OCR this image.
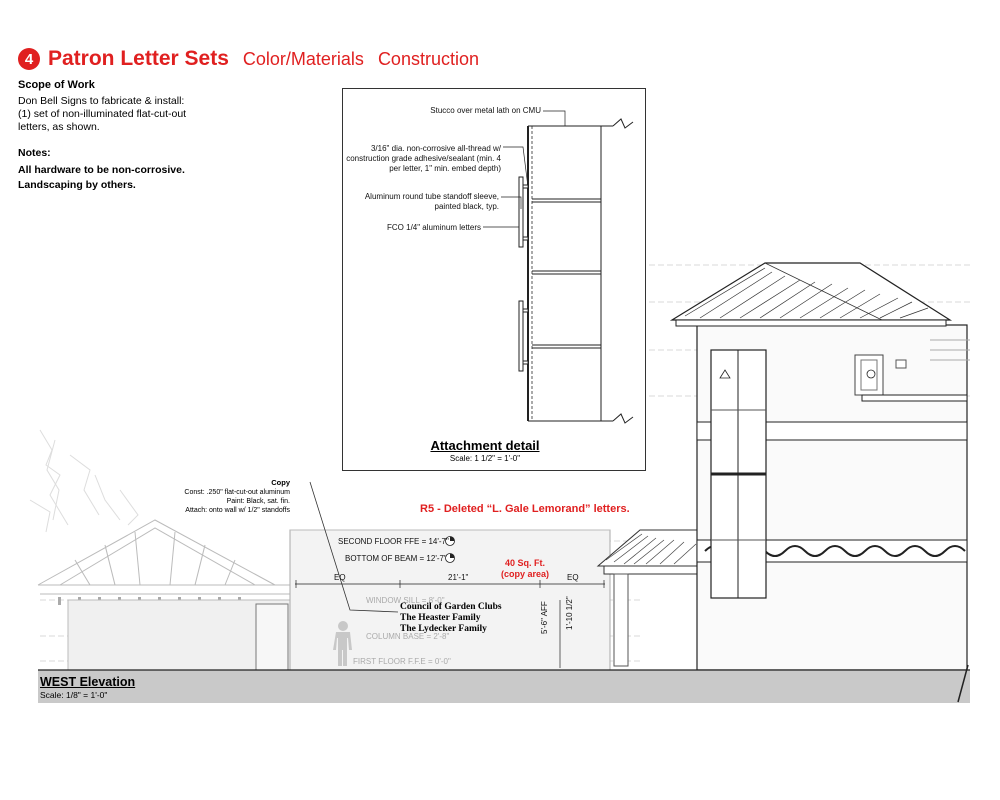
4 Patron Letter Sets Color/Materials Construction
Scope of Work
Don Bell Signs to fabricate & install: (1) set of non-illuminated flat-cut-out letters, as shown.
Notes:
All hardware to be non-corrosive.
Landscaping by others.
SECOND FLOOR FFE = 14'-7"
BOTTOM OF BEAM = 12'-7"
WINDOW SILL = 8'-0"
COLUMN BASE = 2'-8"
FIRST FLOOR F.F.E = 0'-0"
EQ	21'-1"	EQ
5'-6" AFF 1'-10 1/2"
Council of Garden Clubs
The Heaster Family
The Lydecker Family
Copy
Const: .250" flat-cut-out aluminum
Paint: Black, sat. fin.
Attach: onto wall w/ 1/2" standoffs	R5 - Deleted “L. Gale Lemorand” letters.
40 Sq. Ft.
(copy area)
WEST Elevation
Scale: 1/8" = 1'-0"
Stucco over metal lath on CMU
3/16" dia. non-corrosive all-thread w/ construction grade adhesive/sealant (min. 4 per letter, 1" min. embed depth)
Aluminum round tube standoff sleeve, painted black, typ.
FCO 1/4" aluminum letters
Attachment detail
Scale: 1 1/2" = 1'-0"
